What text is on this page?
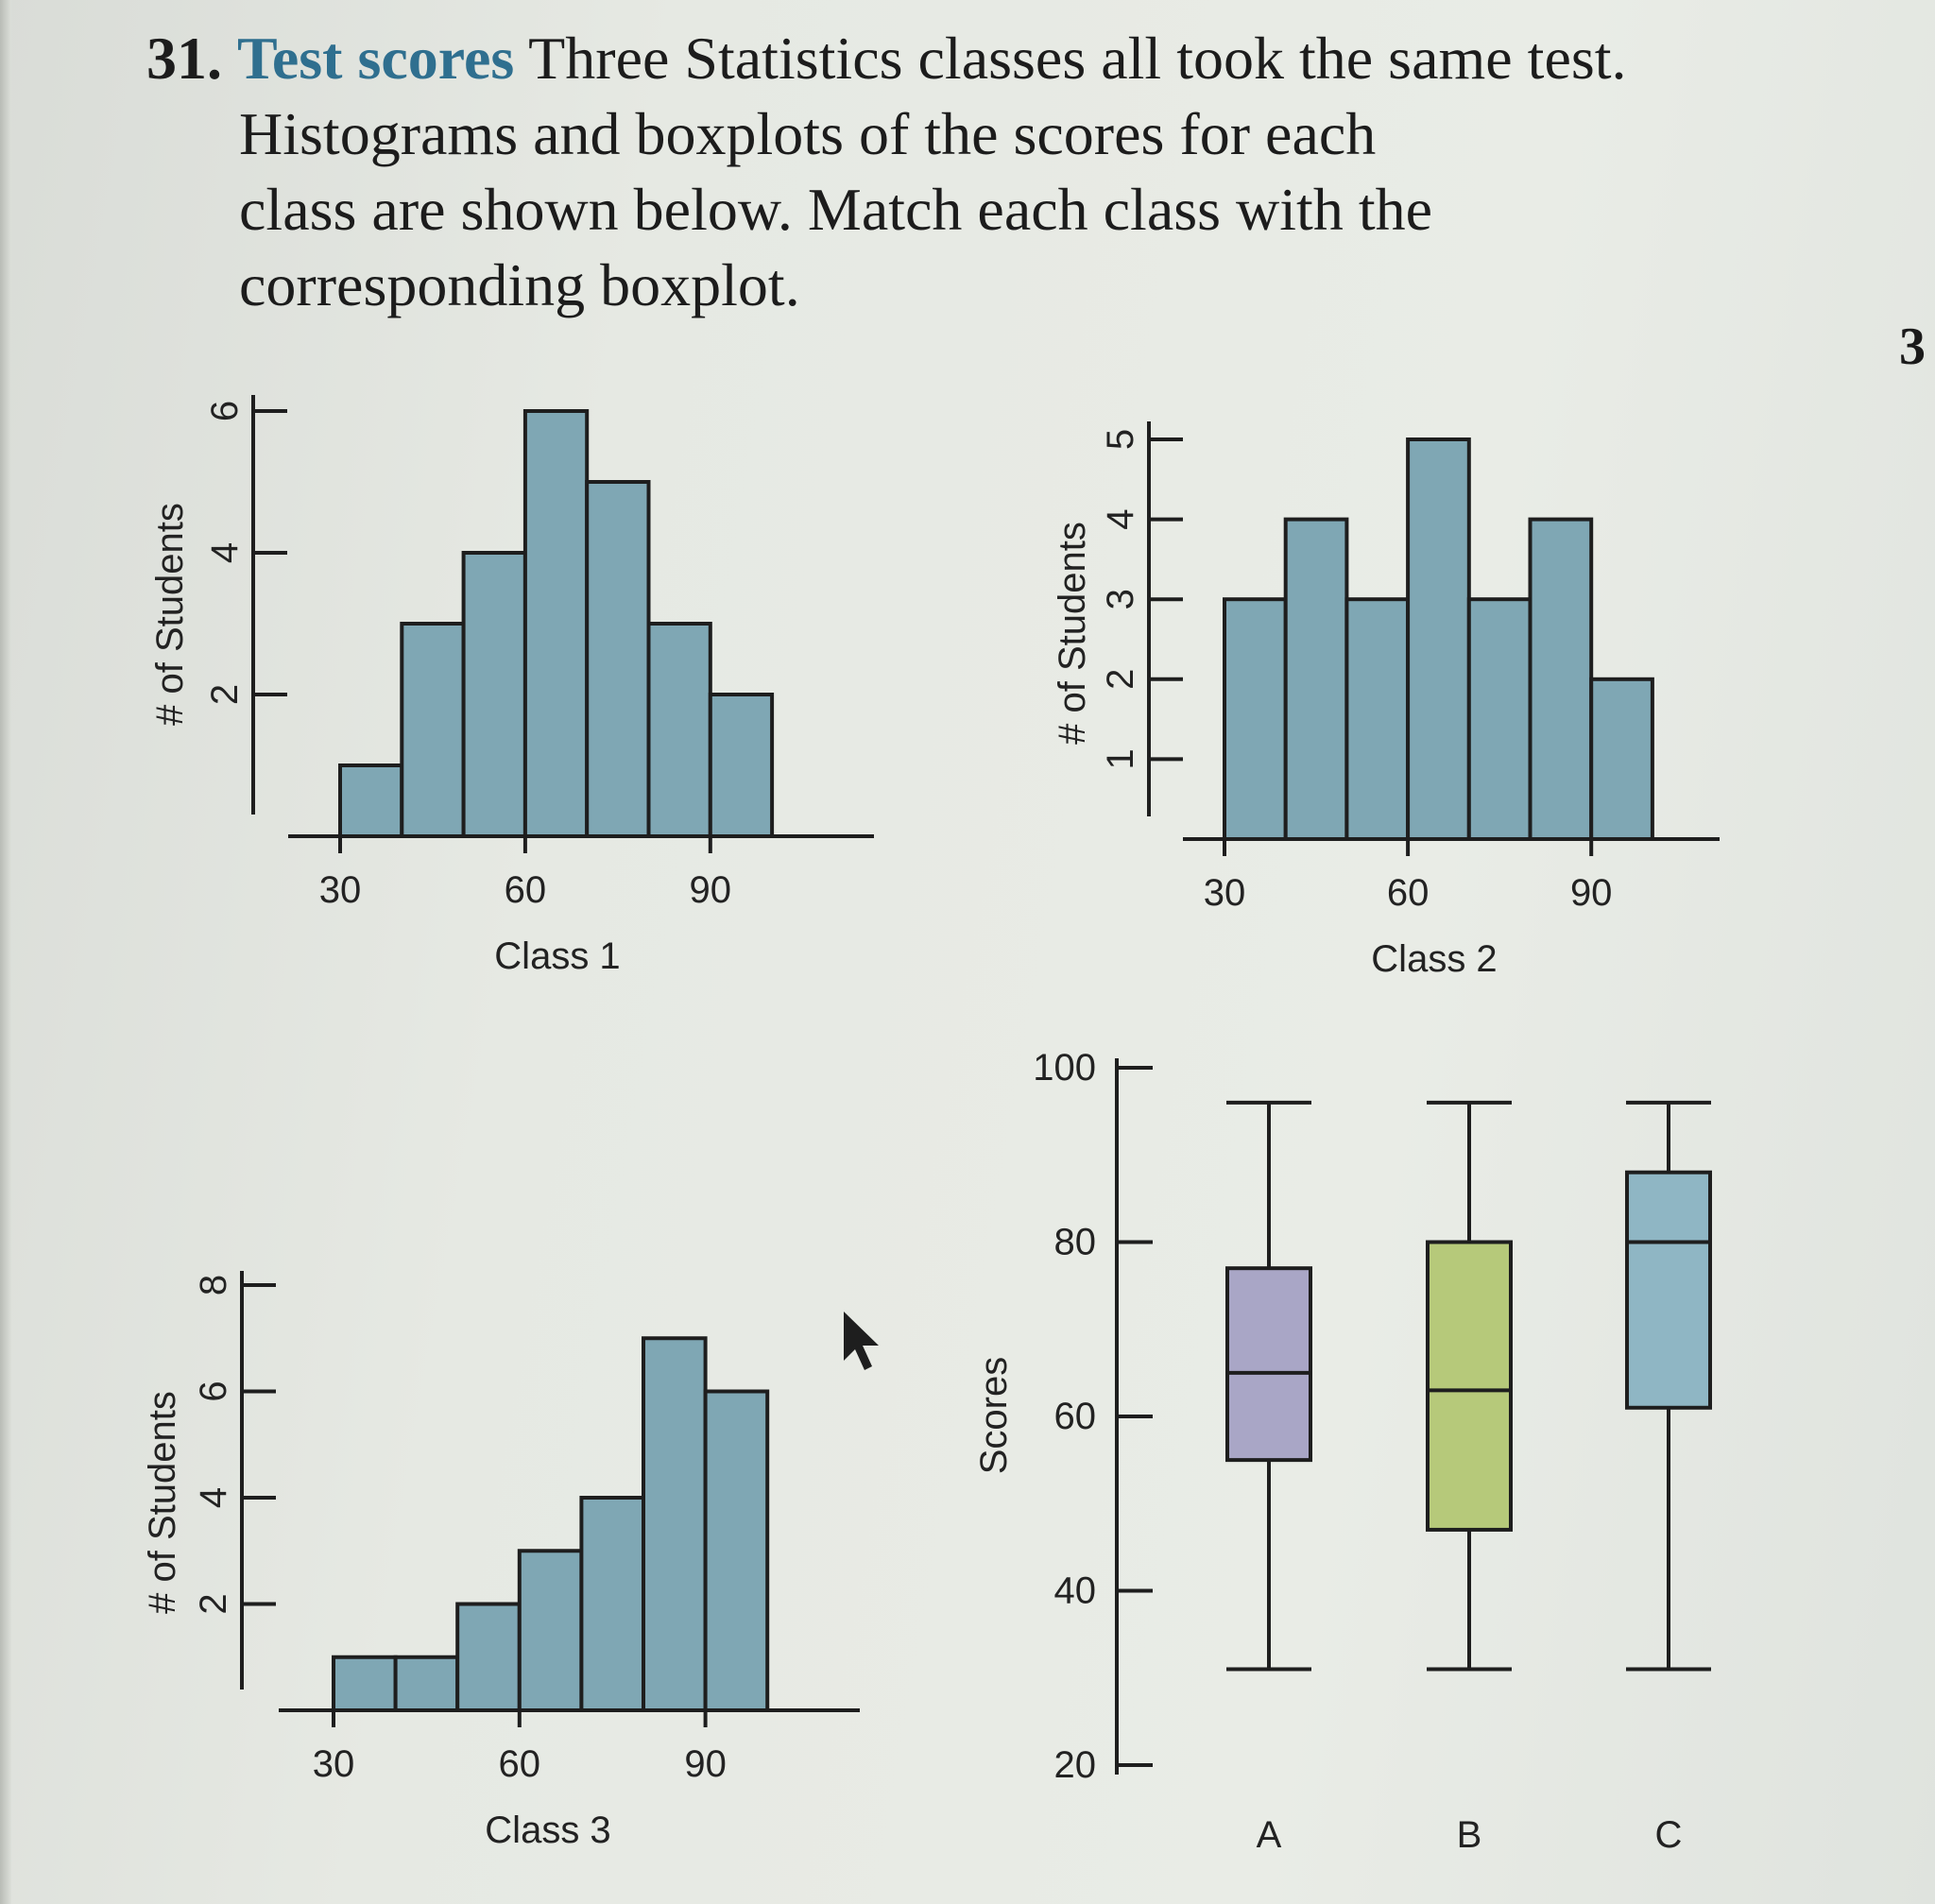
31. Test scores Three Statistics classes all took the same test.
Histograms and boxplots of the scores for each
class are shown below. Match each class with the
corresponding boxplot.
3
30	60	90
2
4
6
# of Students
Class 1
30	60	90
1
2
3
4
5
# of Students
Class 2
30	60	90
2
4
6
8
# of Students
Class 3
20
40
60
80
100
Scores
A	B	C
